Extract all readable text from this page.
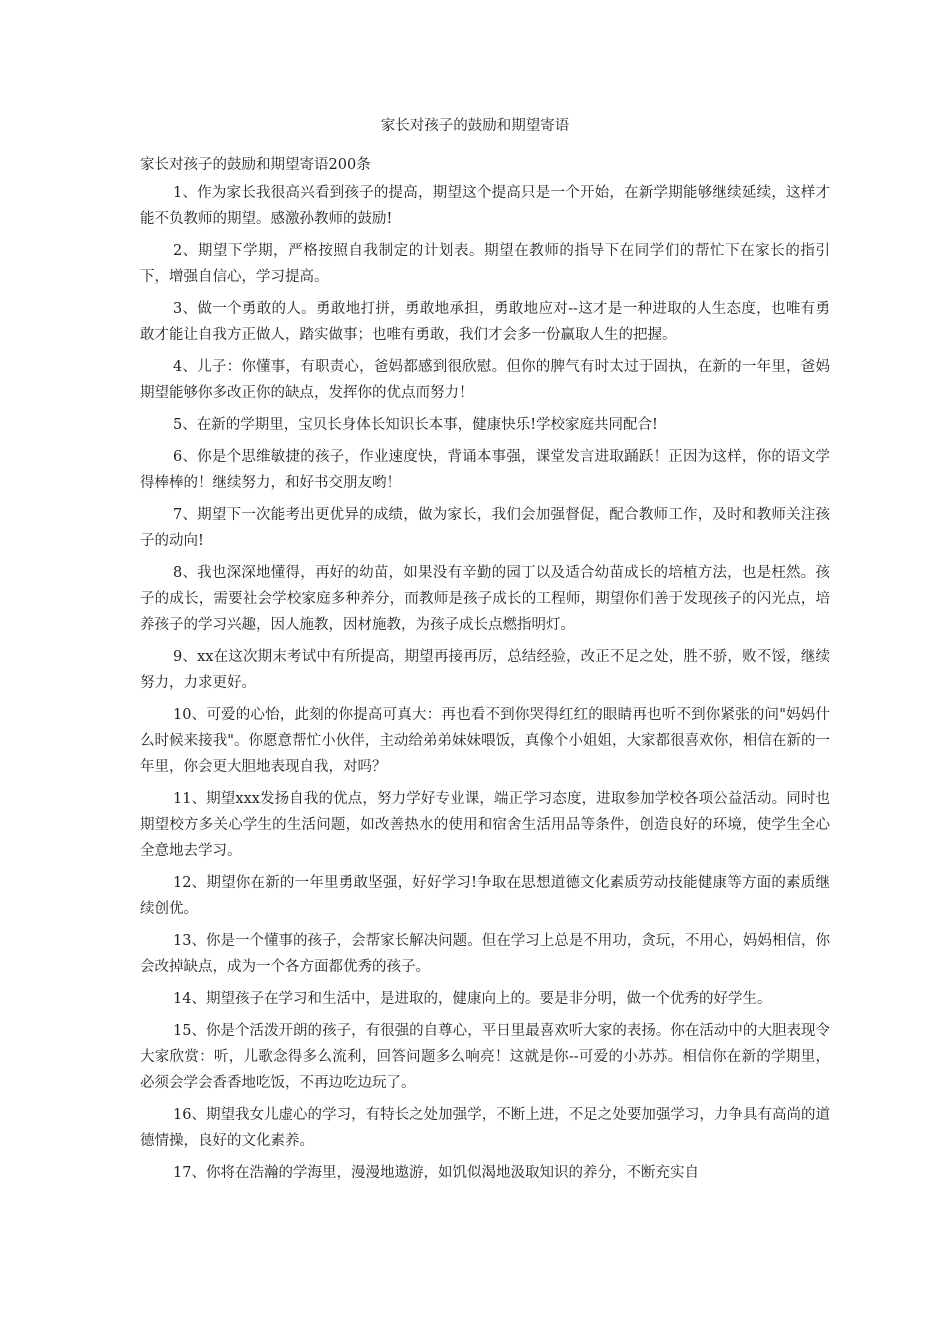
家长对孩子的鼓励和期望寄语
家长对孩子的鼓励和期望寄语200条

1、作为家长我很高兴看到孩子的提高，期望这个提高只是一个开始，在新学期能够继续延续，这样才能不负教师的期望。感激孙教师的鼓励!

2、期望下学期，严格按照自我制定的计划表。期望在教师的指导下在同学们的帮忙下在家长的指引下，增强自信心，学习提高。

3、做一个勇敢的人。勇敢地打拼，勇敢地承担，勇敢地应对--这才是一种进取的人生态度，也唯有勇敢才能让自我方正做人，踏实做事；也唯有勇敢，我们才会多一份赢取人生的把握。

4、儿子：你懂事，有职责心，爸妈都感到很欣慰。但你的脾气有时太过于固执，在新的一年里，爸妈期望能够你多改正你的缺点，发挥你的优点而努力！

5、在新的学期里，宝贝长身体长知识长本事，健康快乐!学校家庭共同配合!

6、你是个思维敏捷的孩子，作业速度快，背诵本事强，课堂发言进取踊跃！正因为这样，你的语文学得棒棒的！继续努力，和好书交朋友哟！

7、期望下一次能考出更优异的成绩，做为家长，我们会加强督促，配合教师工作，及时和教师关注孩子的动向!

8、我也深深地懂得，再好的幼苗，如果没有辛勤的园丁以及适合幼苗成长的培植方法，也是枉然。孩子的成长，需要社会学校家庭多种养分，而教师是孩子成长的工程师，期望你们善于发现孩子的闪光点，培养孩子的学习兴趣，因人施教，因材施教，为孩子成长点燃指明灯。

9、xx在这次期末考试中有所提高，期望再接再厉，总结经验，改正不足之处，胜不骄，败不馁，继续努力，力求更好。

10、可爱的心怡，此刻的你提高可真大：再也看不到你哭得红红的眼睛再也听不到你紧张的问"妈妈什么时候来接我"。你愿意帮忙小伙伴，主动给弟弟妹妹喂饭，真像个小姐姐，大家都很喜欢你，相信在新的一年里，你会更大胆地表现自我，对吗？

11、期望xxx发扬自我的优点，努力学好专业课，端正学习态度，进取参加学校各项公益活动。同时也期望校方多关心学生的生活问题，如改善热水的使用和宿舍生活用品等条件，创造良好的环境，使学生全心全意地去学习。

12、期望你在新的一年里勇敢坚强，好好学习!争取在思想道德文化素质劳动技能健康等方面的素质继续创优。

13、你是一个懂事的孩子，会帮家长解决问题。但在学习上总是不用功，贪玩，不用心，妈妈相信，你会改掉缺点，成为一个各方面都优秀的孩子。

14、期望孩子在学习和生活中，是进取的，健康向上的。要是非分明，做一个优秀的好学生。

15、你是个活泼开朗的孩子，有很强的自尊心，平日里最喜欢听大家的表扬。你在活动中的大胆表现令大家欣赏：听，儿歌念得多么流利，回答问题多么响亮！这就是你--可爱的小苏苏。相信你在新的学期里，必须会学会香香地吃饭，不再边吃边玩了。

16、期望我女儿虚心的学习，有特长之处加强学，不断上进，不足之处要加强学习，力争具有高尚的道德情操，良好的文化素养。

17、你将在浩瀚的学海里，漫漫地遨游，如饥似渴地汲取知识的养分，不断充实自
